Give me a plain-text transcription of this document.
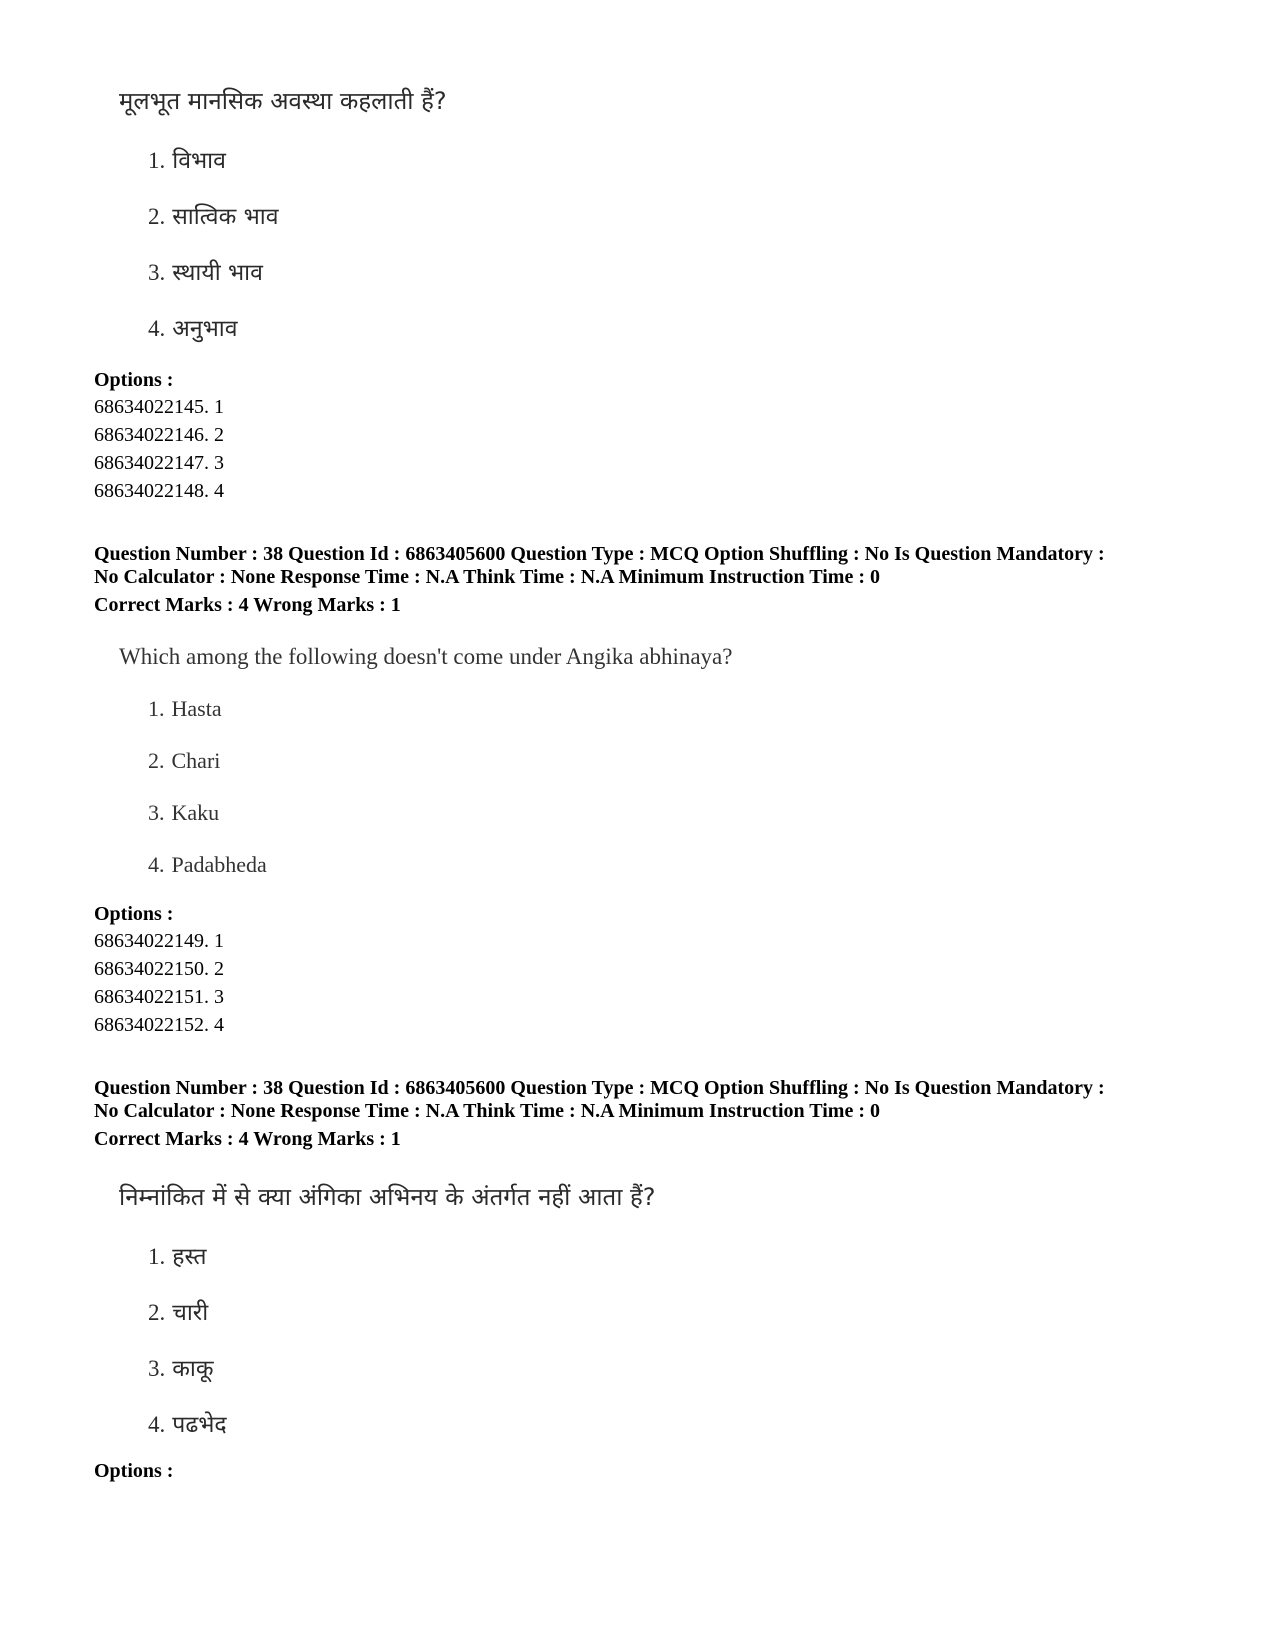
मूलभूत मानसिक अवस्था कहलाती हैं?
1. विभाव
2. सात्विक भाव
3. स्थायी भाव
4. अनुभाव
Options :
68634022145. 1
68634022146. 2
68634022147. 3
68634022148. 4
Question Number : 38 Question Id : 6863405600 Question Type : MCQ Option Shuffling : No Is Question Mandatory :
No Calculator : None Response Time : N.A Think Time : N.A Minimum Instruction Time : 0
Correct Marks : 4 Wrong Marks : 1
Which among the following doesn't come under Angika abhinaya?
1. Hasta
2. Chari
3. Kaku
4. Padabheda
Options :
68634022149. 1
68634022150. 2
68634022151. 3
68634022152. 4
Question Number : 38 Question Id : 6863405600 Question Type : MCQ Option Shuffling : No Is Question Mandatory :
No Calculator : None Response Time : N.A Think Time : N.A Minimum Instruction Time : 0
Correct Marks : 4 Wrong Marks : 1
निम्नांकित में से क्या अंगिका अभिनय के अंतर्गत नहीं आता हैं?
1. हस्त
2. चारी
3. काकू
4. पढभेद
Options :
